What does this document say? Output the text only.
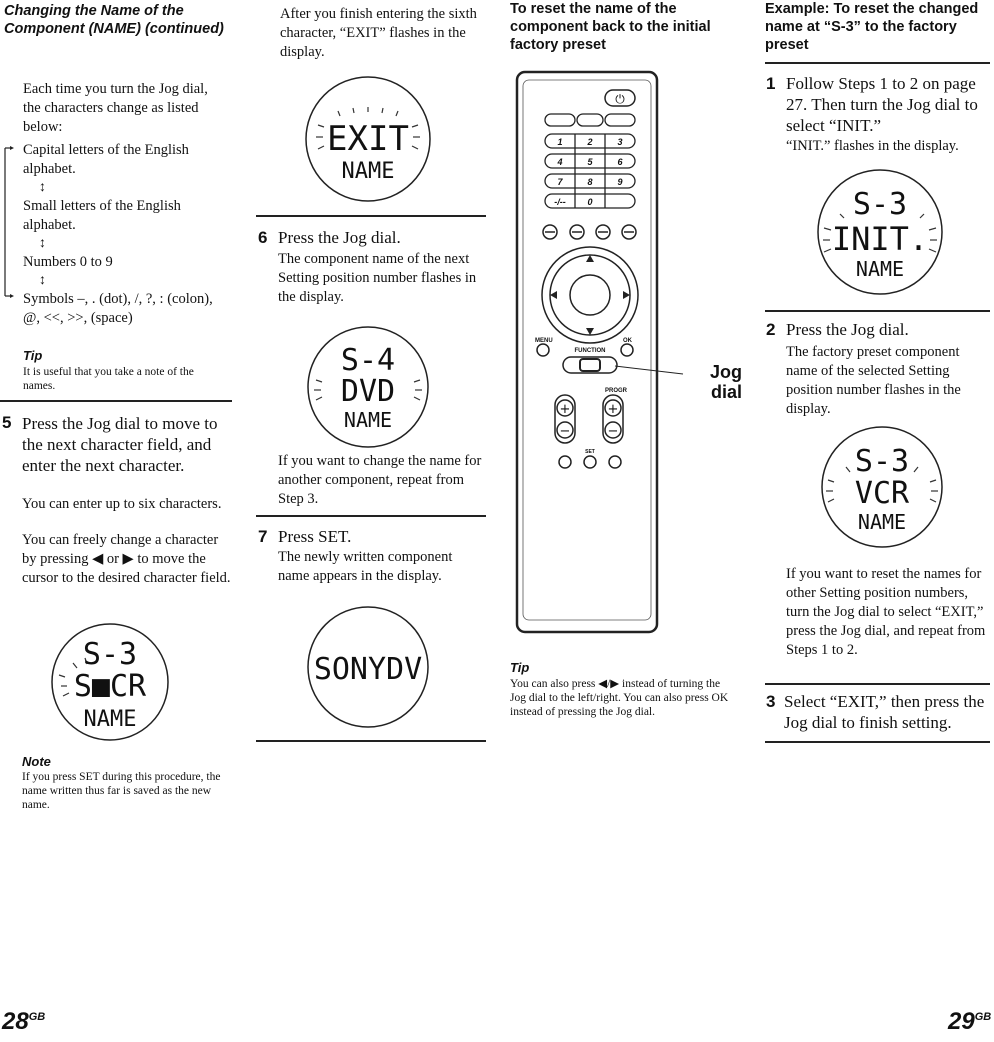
Changing the Name of the Component (NAME) (continued)

Each time you turn the Jog dial, the characters change as listed below:

Capital letters of the English alphabet.

↕

Small letters of the English alphabet.

↕

Numbers 0 to 9

↕

Symbols –, . (dot), /, ?, : (colon), @, <<, >>, (space)

Tip

It is useful that you take a note of the names.

5 Press the Jog dial to move to the next character field, and enter the next character.

You can enter up to six characters.

You can freely change a character by pressing ◀ or ▶ to move the cursor to the desired character field.

S-3
S■CR
NAME
Note

If you press SET during this procedure, the name written thus far is saved as the new name.

After you finish entering the sixth character, “EXIT” flashes in the display.

EXIT
NAME
6 Press the Jog dial.

The component name of the next Setting position number flashes in the display.

S-4
DVD
NAME

If you want to change the name for another component, repeat from Step 3.

7 Press SET.

The newly written component name appears in the display.

SONYDV
To reset the name of the component back to the initial factory preset
⏻
1	2	3
4	5	6
7	8	9
-/-- 0
MENU	OK
FUNCTION
PROGR
+
−
+
−
SET
Jog dial
Tip

You can also press ◀/▶ instead of turning the Jog dial to the left/right. You can also press OK instead of pressing the Jog dial.

Example: To reset the changed name at “S-3” to the factory preset
1 Follow Steps 1 to 2 on page 27. Then turn the Jog dial to select “INIT.”

“INIT.” flashes in the display.

S-3
INIT.
NAME
2 Press the Jog dial.

The factory preset component name of the selected Setting position number flashes in the display.

S-3
VCR
NAME

If you want to reset the names for other Setting position numbers, turn the Jog dial to select “EXIT,” press the Jog dial, and repeat from Steps 1 to 2.

3 Select “EXIT,” then press the Jog dial to finish setting.

$28^{GB}$	$29^{GB}$
